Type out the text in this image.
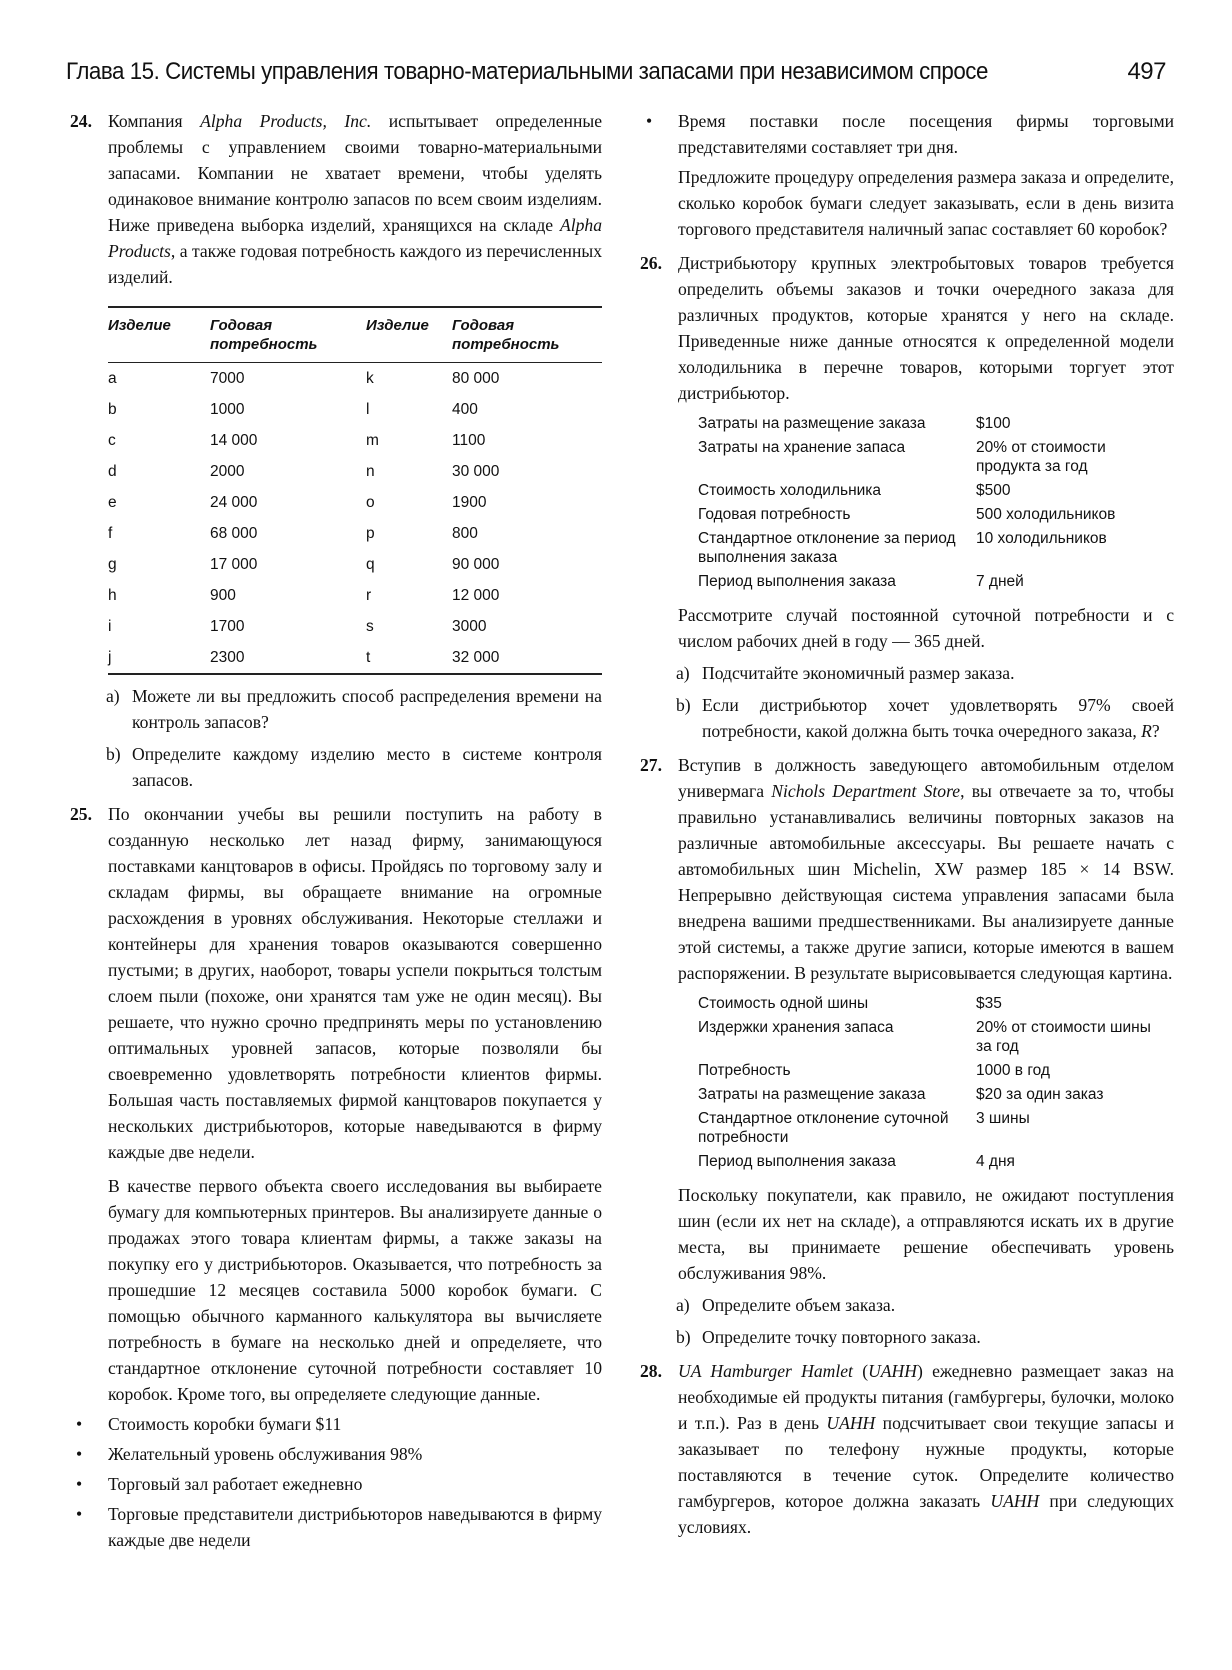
Глава 15. Системы управления товарно-материальными запасами при независимом спросе	497

24. Компания Alpha Products, Inc. испытывает определенные проблемы с управлением своими товарно-материальными запасами. Компании не хватает времени, чтобы уделять одинаковое внимание контролю запасов по всем своим изделиям. Ниже приведена выборка изделий, хранящихся на складе Alpha Products, а также годовая потребность каждого из перечисленных изделий.

Изделие	Годовая потребность	Изделие	Годовая потребность
a	7000	k	80 000
b	1000	l	400
c	14 000	m	1100
d	2000	n	30 000
e	24 000	o	1900
f	68 000	p	800
g	17 000	q	90 000
h	900	r	12 000
i	1700	s	3000
j	2300	t	32 000

a) Можете ли вы предложить способ распределения времени на контроль запасов?

b) Определите каждому изделию место в системе контроля запасов.

25. По окончании учебы вы решили поступить на работу в созданную несколько лет назад фирму, занимающуюся поставками канцтоваров в офисы. Пройдясь по торговому залу и складам фирмы, вы обращаете внимание на огромные расхождения в уровнях обслуживания. Некоторые стеллажи и контейнеры для хранения товаров оказываются совершенно пустыми; в других, наоборот, товары успели покрыться толстым слоем пыли (похоже, они хранятся там уже не один месяц). Вы решаете, что нужно срочно предпринять меры по установлению оптимальных уровней запасов, которые позволяли бы своевременно удовлетворять потребности клиентов фирмы. Большая часть поставляемых фирмой канцтоваров покупается у нескольких дистрибьюторов, которые наведываются в фирму каждые две недели.

В качестве первого объекта своего исследования вы выбираете бумагу для компьютерных принтеров. Вы анализируете данные о продажах этого товара клиентам фирмы, а также заказы на покупку его у дистрибьюторов. Оказывается, что потребность за прошедшие 12 месяцев составила 5000 коробок бумаги. С помощью обычного карманного калькулятора вы вычисляете потребность в бумаге на несколько дней и определяете, что стандартное отклонение суточной потребности составляет 10 коробок. Кроме того, вы определяете следующие данные.

• Стоимость коробки бумаги $11

• Желательный уровень обслуживания 98%

• Торговый зал работает ежедневно

• Торговые представители дистрибьюторов наведываются в фирму каждые две недели

• Время поставки после посещения фирмы торговыми представителями составляет три дня.

Предложите процедуру определения размера заказа и определите, сколько коробок бумаги следует заказывать, если в день визита торгового представителя наличный запас составляет 60 коробок?

26. Дистрибьютору крупных электробытовых товаров требуется определить объемы заказов и точки очередного заказа для различных продуктов, которые хранятся у него на складе. Приведенные ниже данные относятся к определенной модели холодильника в перечне товаров, которыми торгует этот дистрибьютор.

Затраты на размещение заказа	$100
Затраты на хранение запаса	20% от стоимости продукта за год
Стоимость холодильника	$500
Годовая потребность	500 холодильников
Стандартное отклонение за период выполнения заказа	10 холодильников
Период выполнения заказа	7 дней

Рассмотрите случай постоянной суточной потребности и с числом рабочих дней в году — 365 дней.

a) Подсчитайте экономичный размер заказа.

b) Если дистрибьютор хочет удовлетворять 97% своей потребности, какой должна быть точка очередного заказа, R?

27. Вступив в должность заведующего автомобильным отделом универмага Nichols Department Store, вы отвечаете за то, чтобы правильно устанавливались величины повторных заказов на различные автомобильные аксессуары. Вы решаете начать с автомобильных шин Michelin, XW размер 185 × 14 BSW. Непрерывно действующая система управления запасами была внедрена вашими предшественниками. Вы анализируете данные этой системы, а также другие записи, которые имеются в вашем распоряжении. В результате вырисовывается следующая картина.

Стоимость одной шины	$35
Издержки хранения запаса	20% от стоимости шины за год
Потребность	1000 в год
Затраты на размещение заказа	$20 за один заказ
Стандартное отклонение суточной потребности	3 шины
Период выполнения заказа	4 дня

Поскольку покупатели, как правило, не ожидают поступления шин (если их нет на складе), а отправляются искать их в другие места, вы принимаете решение обеспечивать уровень обслуживания 98%.

a) Определите объем заказа.

b) Определите точку повторного заказа.

28. UA Hamburger Hamlet (UAHH) ежедневно размещает заказ на необходимые ей продукты питания (гамбургеры, булочки, молоко и т.п.). Раз в день UAHH подсчитывает свои текущие запасы и заказывает по телефону нужные продукты, которые поставляются в течение суток. Определите количество гамбургеров, которое должна заказать UAHH при следующих условиях.
